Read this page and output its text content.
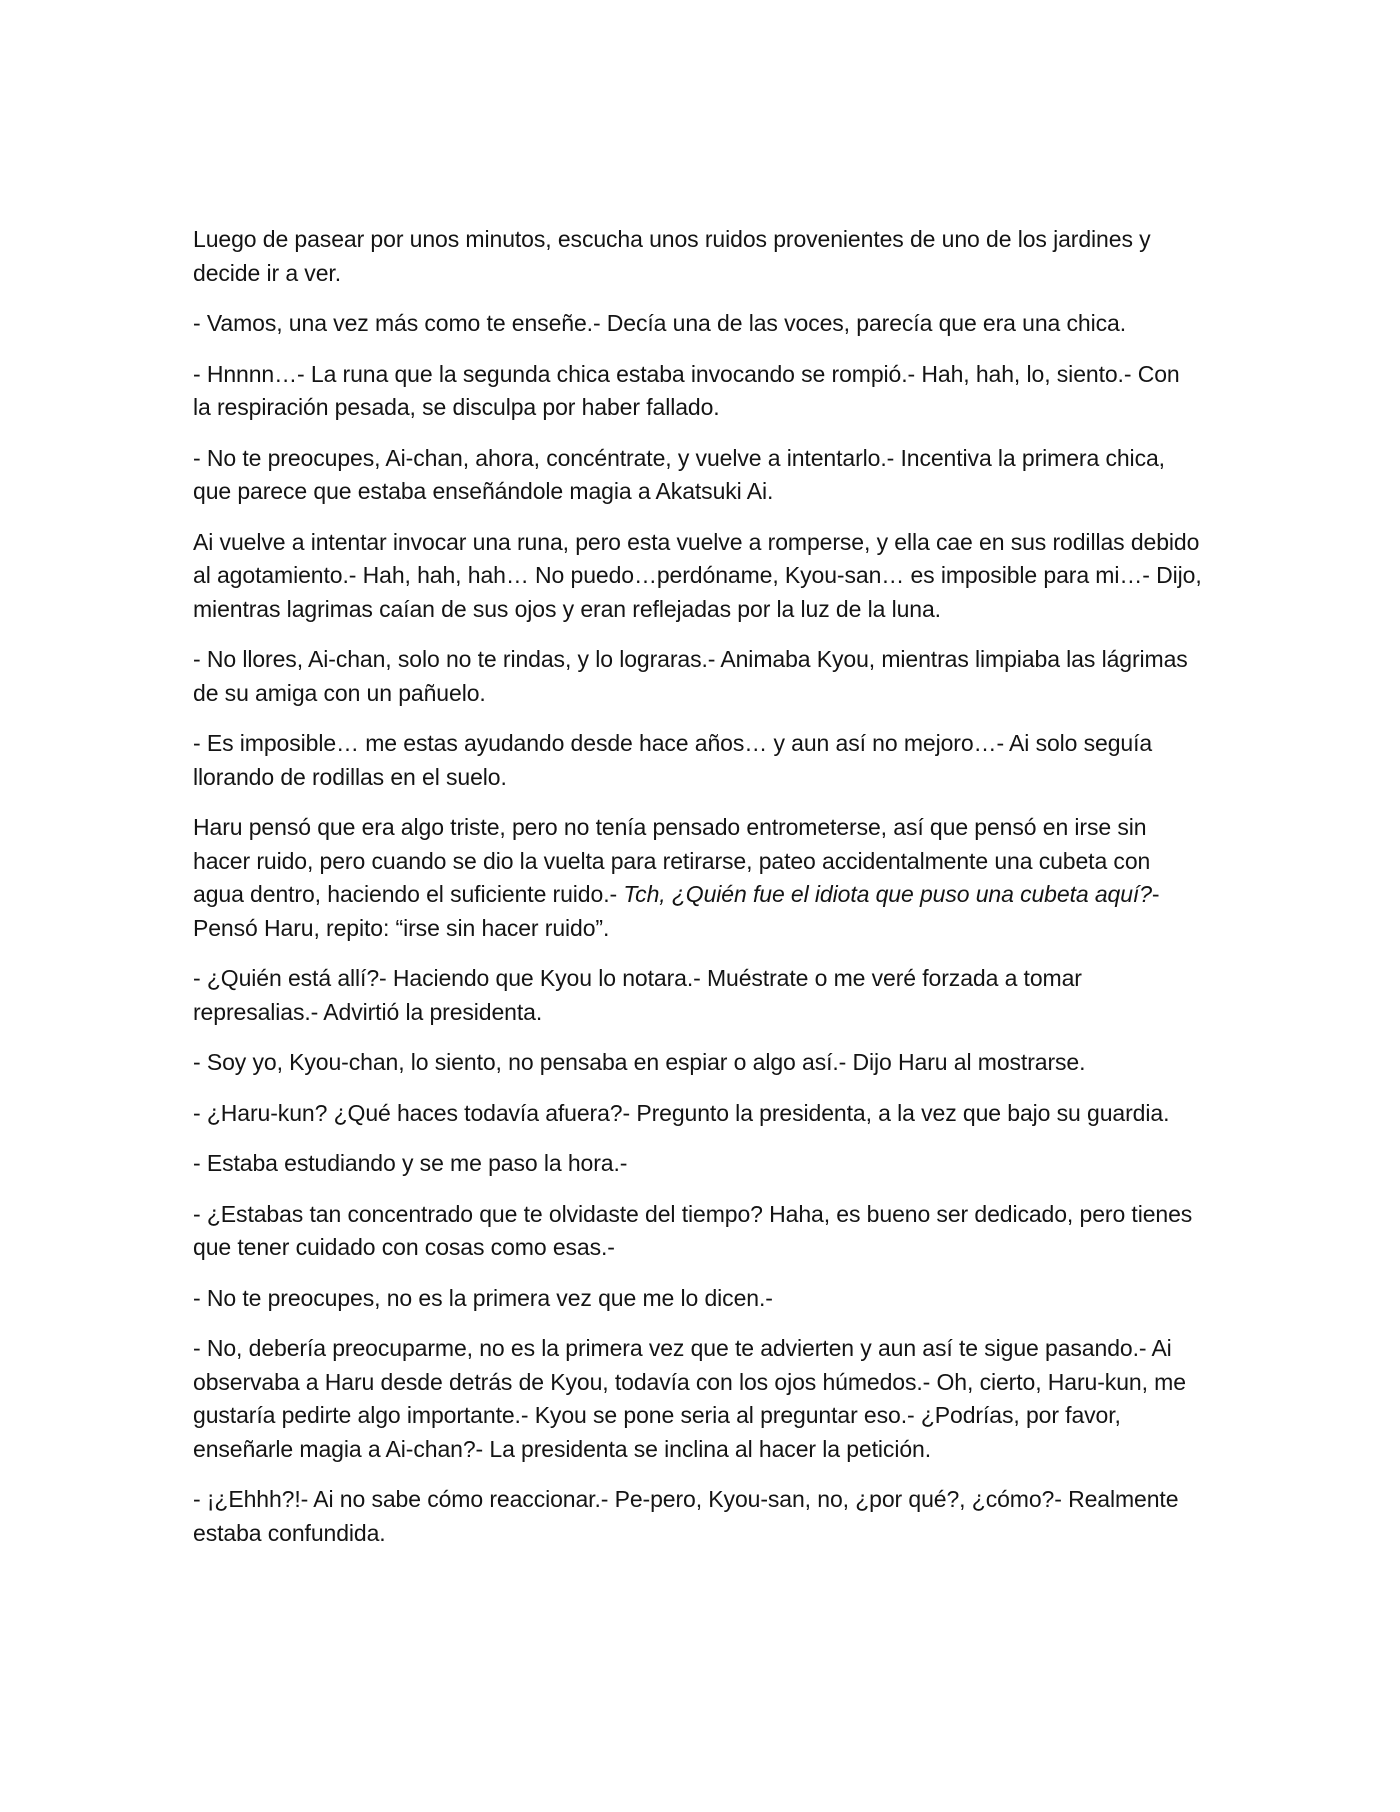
Luego de pasear por unos minutos, escucha unos ruidos provenientes de uno de los jardines y decide ir a ver.

- Vamos, una vez más como te enseñe.- Decía una de las voces, parecía que era una chica.

- Hnnnn…- La runa que la segunda chica estaba invocando se rompió.- Hah, hah, lo, siento.- Con la respiración pesada, se disculpa por haber fallado.

- No te preocupes, Ai-chan, ahora, concéntrate, y vuelve a intentarlo.- Incentiva la primera chica, que parece que estaba enseñándole magia a Akatsuki Ai.

Ai vuelve a intentar invocar una runa, pero esta vuelve a romperse, y ella cae en sus rodillas debido al agotamiento.- Hah, hah, hah… No puedo…perdóname, Kyou-san… es imposible para mi…- Dijo, mientras lagrimas caían de sus ojos y eran reflejadas por la luz de la luna.

- No llores, Ai-chan, solo no te rindas, y lo lograras.- Animaba Kyou, mientras limpiaba las lágrimas de su amiga con un pañuelo.

- Es imposible… me estas ayudando desde hace años… y aun así no mejoro…- Ai solo seguía llorando de rodillas en el suelo.

Haru pensó que era algo triste, pero no tenía pensado entrometerse, así que pensó en irse sin hacer ruido, pero cuando se dio la vuelta para retirarse, pateo accidentalmente una cubeta con agua dentro, haciendo el suficiente ruido.- Tch, ¿Quién fue el idiota que puso una cubeta aquí?- Pensó Haru, repito: “irse sin hacer ruido”.

- ¿Quién está allí?- Haciendo que Kyou lo notara.- Muéstrate o me veré forzada a tomar represalias.- Advirtió la presidenta.

- Soy yo, Kyou-chan, lo siento, no pensaba en espiar o algo así.- Dijo Haru al mostrarse.

- ¿Haru-kun? ¿Qué haces todavía afuera?- Pregunto la presidenta, a la vez que bajo su guardia.

- Estaba estudiando y se me paso la hora.-

- ¿Estabas tan concentrado que te olvidaste del tiempo? Haha, es bueno ser dedicado, pero tienes que tener cuidado con cosas como esas.-

- No te preocupes, no es la primera vez que me lo dicen.-

- No, debería preocuparme, no es la primera vez que te advierten y aun así te sigue pasando.- Ai observaba a Haru desde detrás de Kyou, todavía con los ojos húmedos.- Oh, cierto, Haru-kun, me gustaría pedirte algo importante.- Kyou se pone seria al preguntar eso.- ¿Podrías, por favor, enseñarle magia a Ai-chan?- La presidenta se inclina al hacer la petición.

- ¡¿Ehhh?!- Ai no sabe cómo reaccionar.- Pe-pero, Kyou-san, no, ¿por qué?, ¿cómo?- Realmente estaba confundida.
